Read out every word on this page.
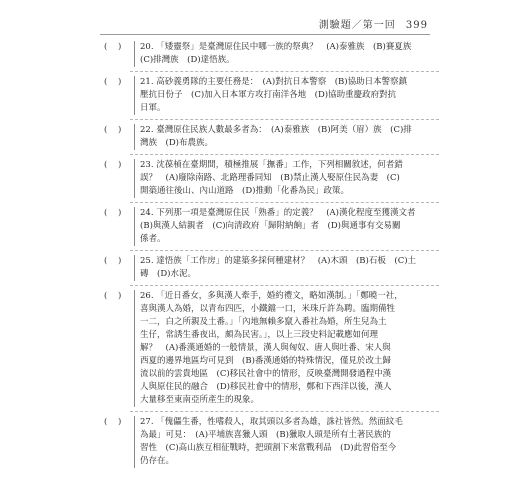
測驗題／第一回 399
( )	20. 「矮靈祭」是臺灣原住民中哪一族的祭典？　(A)泰雅族　(B)賽夏族
(C)排灣族　(D)達悟族。
( )	21. 高砂義勇隊的主要任務是：　(A)對抗日本警察　(B)協助日本警察鎮
壓抗日份子　(C)加入日本軍方攻打南洋各地　(D)協助重慶政府對抗
日軍。
( )	22. 臺灣原住民族人數最多者為：　(A)泰雅族　(B)阿美（眉）族　(C)排
灣族　(D)布農族。
( )	23. 沈葆楨在臺期間，積極推展「撫番」工作，下列相關敘述，何者錯
誤？　(A)廢除南路、北路理番同知　(B)禁止漢人娶原住民為妻　(C)
開築通往後山、內山道路　(D)推動「化番為民」政策。
( )	24. 下列那一項是臺灣原住民「熟番」的定義？　(A)漢化程度至獲漢文者
(B)與漢人結親者　(C)向清政府「歸附納餉」者　(D)與通事有交易關
係者。
( )	25. 達悟族「工作房」的建築多採何種建材？　(A)木頭　(B)石板　(C)土
磚　(D)水泥。
( )	26. 「近日番女，多與漢人牽手，婚約禮文，略如漢制。」「鄭曉一社，
喜與漢人為婚，以青布四匹，小鐵鐺一口，米珠斤許為聘。臨期備牲
一二，白之所親及土番。」「內地無賴多竄入番社為婚，所生兒為土
生仔，常誘生番夜出，頗為民害。」，以上三段史料記載應如何理
解？　(A)番漢通婚的一般情景，漢人與匈奴、唐人與吐番、宋人與
西夏的邊界地區均可見到　(B)番漢通婚的特殊情況，僅見於改土歸
流以前的雲貴地區　(C)移民社會中的情形，反映臺灣開發過程中漢
人與原住民的融合　(D)移民社會中的情形，鄭和下西洋以後，漢人
大量移至東南亞所產生的現象。
( )	27. 「傀儡生番，性嗜殺人，取其頭以多者為雄，誅社皆然。然面紋毛
為最」可見：　(A)平埔族喜獵人頭　(B)獵取人頭是所有土著民族的
習性　(C)高山族互相征戰時，把頭割下來當戰利品　(D)此習俗至今
仍存在。
